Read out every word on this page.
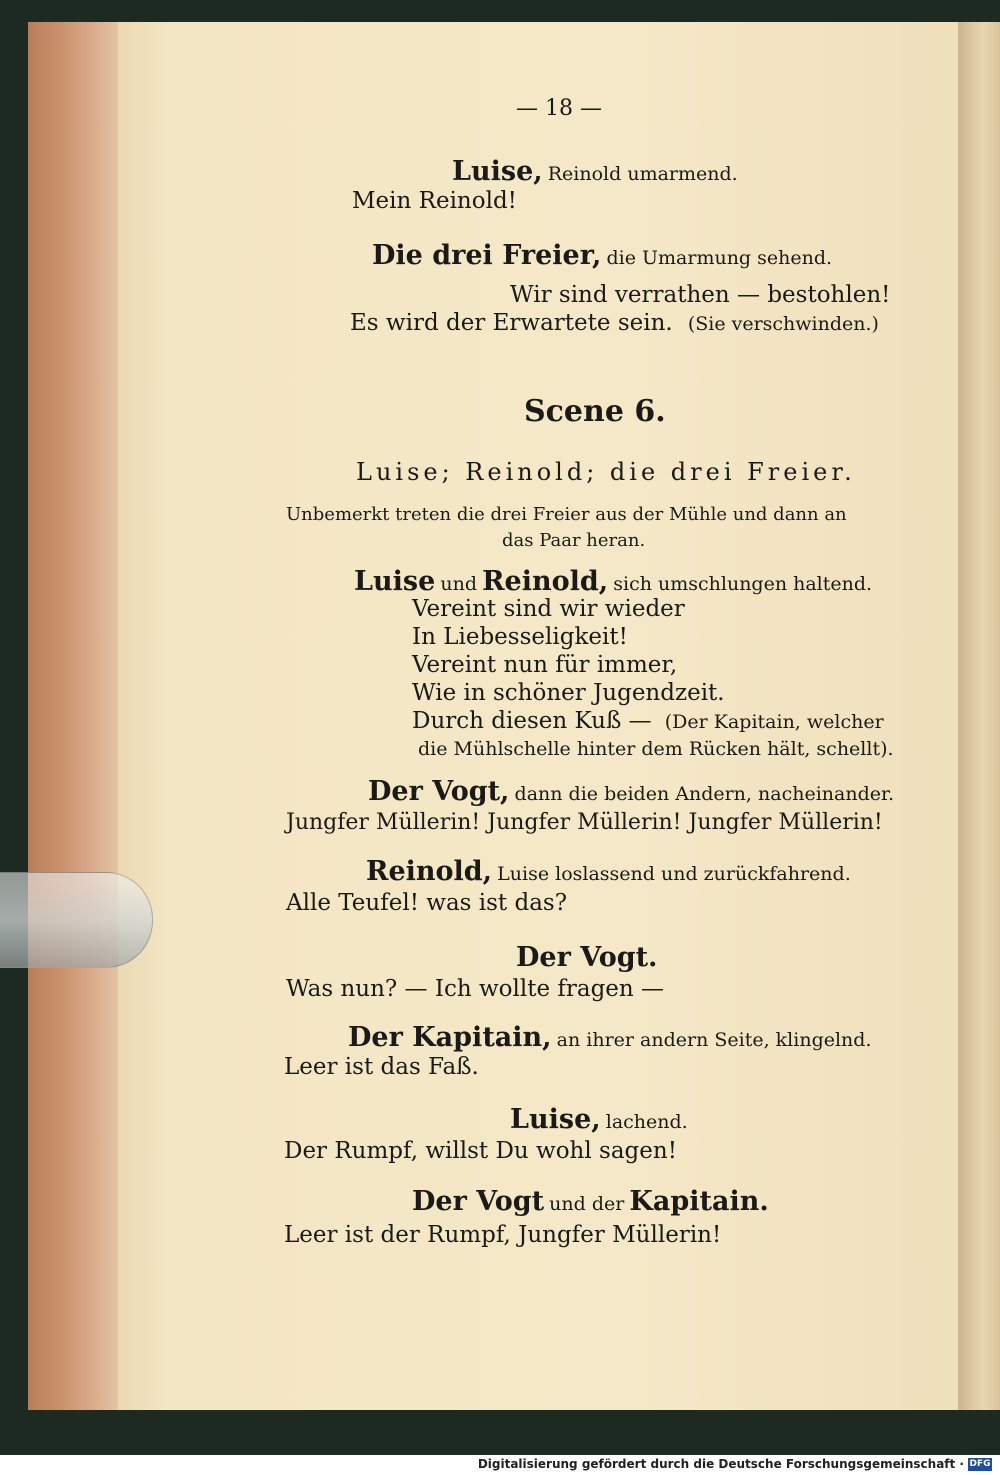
— 18 —
Luise, Reinold umarmend.
Mein Reinold!
Die drei Freier, die Umarmung sehend.
Wir sind verrathen — bestohlen!
Es wird der Erwartete sein. (Sie verschwinden.)
Scene 6.
Luise; Reinold; die drei Freier.
Unbemerkt treten die drei Freier aus der Mühle und dann an
das Paar heran.
Luise und Reinold, sich umschlungen haltend.
Vereint sind wir wieder
In Liebesseligkeit!
Vereint nun für immer,
Wie in schöner Jugendzeit.
Durch diesen Kuß — (Der Kapitain, welcher
die Mühlschelle hinter dem Rücken hält, schellt).
Der Vogt, dann die beiden Andern, nacheinander.
Jungfer Müllerin! Jungfer Müllerin! Jungfer Müllerin!
Reinold, Luise loslassend und zurückfahrend.
Alle Teufel! was ist das?
Der Vogt.
Was nun? — Ich wollte fragen —
Der Kapitain, an ihrer andern Seite, klingelnd.
Leer ist das Faß.
Luise, lachend.
Der Rumpf, willst Du wohl sagen!
Der Vogt und der Kapitain.
Leer ist der Rumpf, Jungfer Müllerin!
Digitalisierung gefördert durch die Deutsche Forschungsgemeinschaft · DFG
